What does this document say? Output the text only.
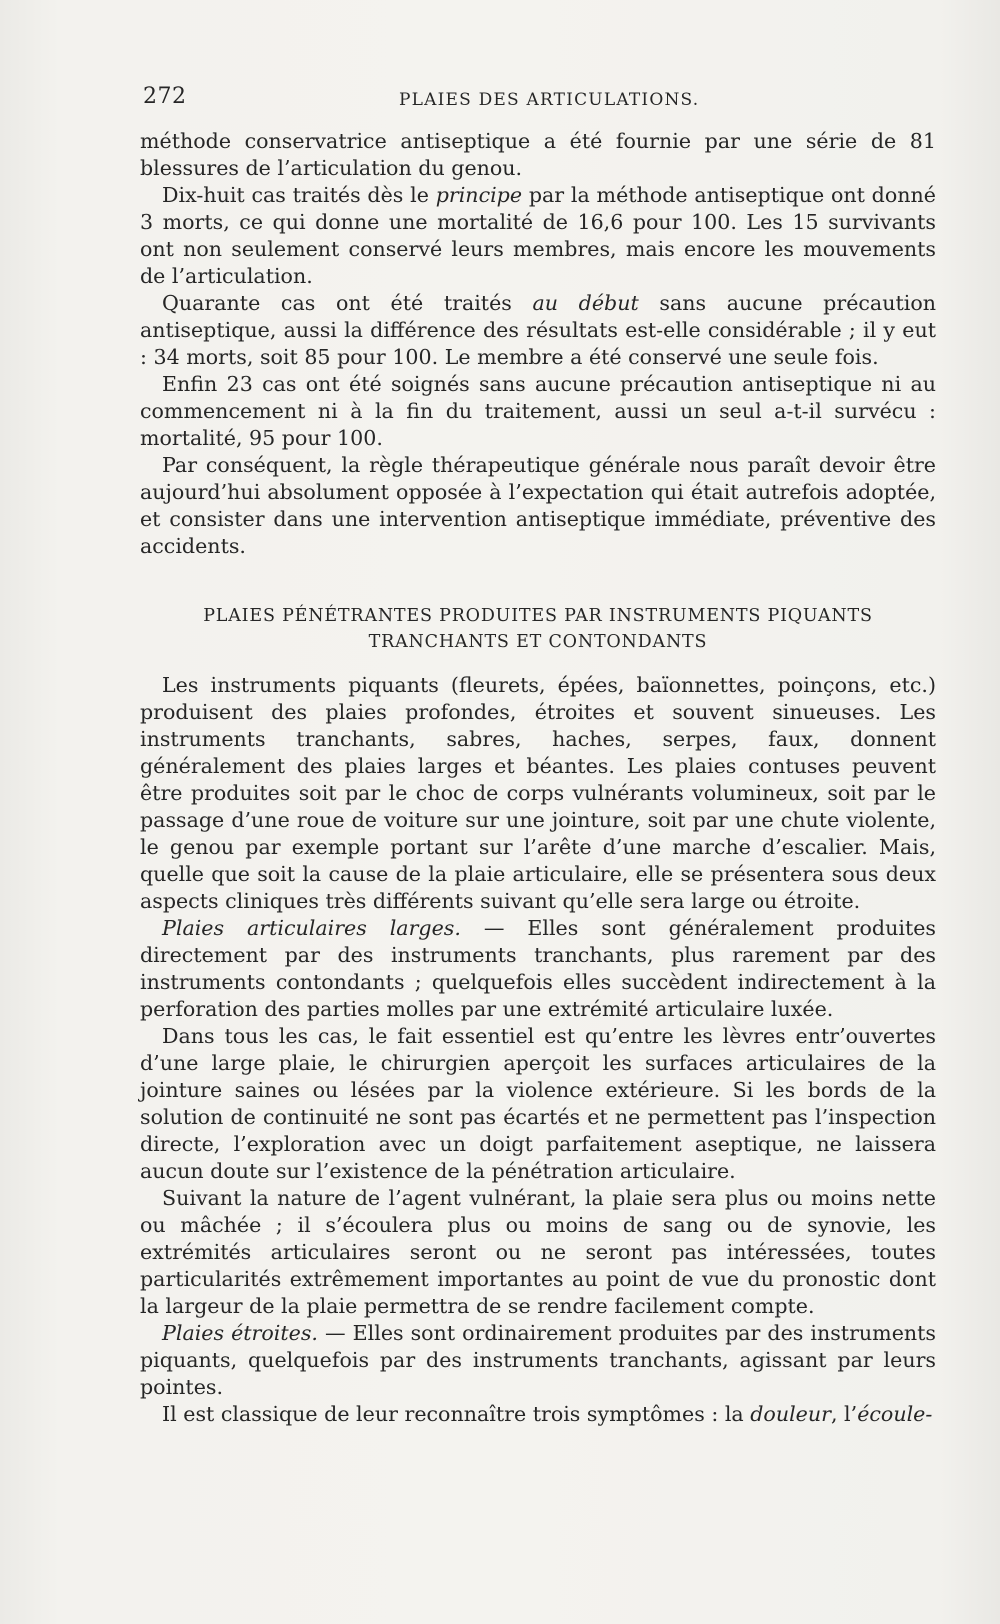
272	PLAIES DES ARTICULATIONS.

méthode conservatrice antiseptique a été fournie par une série de 81 blessures de l’articulation du genou.

Dix-huit cas traités dès le principe par la méthode antiseptique ont donné 3 morts, ce qui donne une mortalité de 16,6 pour 100. Les 15 survivants ont non seulement conservé leurs membres, mais encore les mouvements de l’articulation.

Quarante cas ont été traités au début sans aucune précaution antiseptique, aussi la différence des résultats est-elle considérable ; il y eut : 34 morts, soit 85 pour 100. Le membre a été conservé une seule fois.

Enfin 23 cas ont été soignés sans aucune précaution antiseptique ni au commencement ni à la fin du traitement, aussi un seul a-t-il survécu : mortalité, 95 pour 100.

Par conséquent, la règle thérapeutique générale nous paraît devoir être aujourd’hui absolument opposée à l’expectation qui était autrefois adoptée, et consister dans une intervention antiseptique immédiate, préventive des accidents.

PLAIES PÉNÉTRANTES PRODUITES PAR INSTRUMENTS PIQUANTS
TRANCHANTS ET CONTONDANTS

Les instruments piquants (fleurets, épées, baïonnettes, poinçons, etc.) produisent des plaies profondes, étroites et souvent sinueuses. Les instruments tranchants, sabres, haches, serpes, faux, donnent généralement des plaies larges et béantes. Les plaies contuses peuvent être produites soit par le choc de corps vulnérants volumineux, soit par le passage d’une roue de voiture sur une jointure, soit par une chute violente, le genou par exemple portant sur l’arête d’une marche d’escalier. Mais, quelle que soit la cause de la plaie articulaire, elle se présentera sous deux aspects cliniques très différents suivant qu’elle sera large ou étroite.

Plaies articulaires larges. — Elles sont généralement produites directement par des instruments tranchants, plus rarement par des instruments contondants ; quelquefois elles succèdent indirectement à la perforation des parties molles par une extrémité articulaire luxée.

Dans tous les cas, le fait essentiel est qu’entre les lèvres entr’ouvertes d’une large plaie, le chirurgien aperçoit les surfaces articulaires de la jointure saines ou lésées par la violence extérieure. Si les bords de la solution de continuité ne sont pas écartés et ne permettent pas l’inspection directe, l’exploration avec un doigt parfaitement aseptique, ne laissera aucun doute sur l’existence de la pénétration articulaire.

Suivant la nature de l’agent vulnérant, la plaie sera plus ou moins nette ou mâchée ; il s’écoulera plus ou moins de sang ou de synovie, les extrémités articulaires seront ou ne seront pas intéressées, toutes particularités extrêmement importantes au point de vue du pronostic dont la largeur de la plaie permettra de se rendre facilement compte.

Plaies étroites. — Elles sont ordinairement produites par des instruments piquants, quelquefois par des instruments tranchants, agissant par leurs pointes.

Il est classique de leur reconnaître trois symptômes : la douleur, l’écoule-
